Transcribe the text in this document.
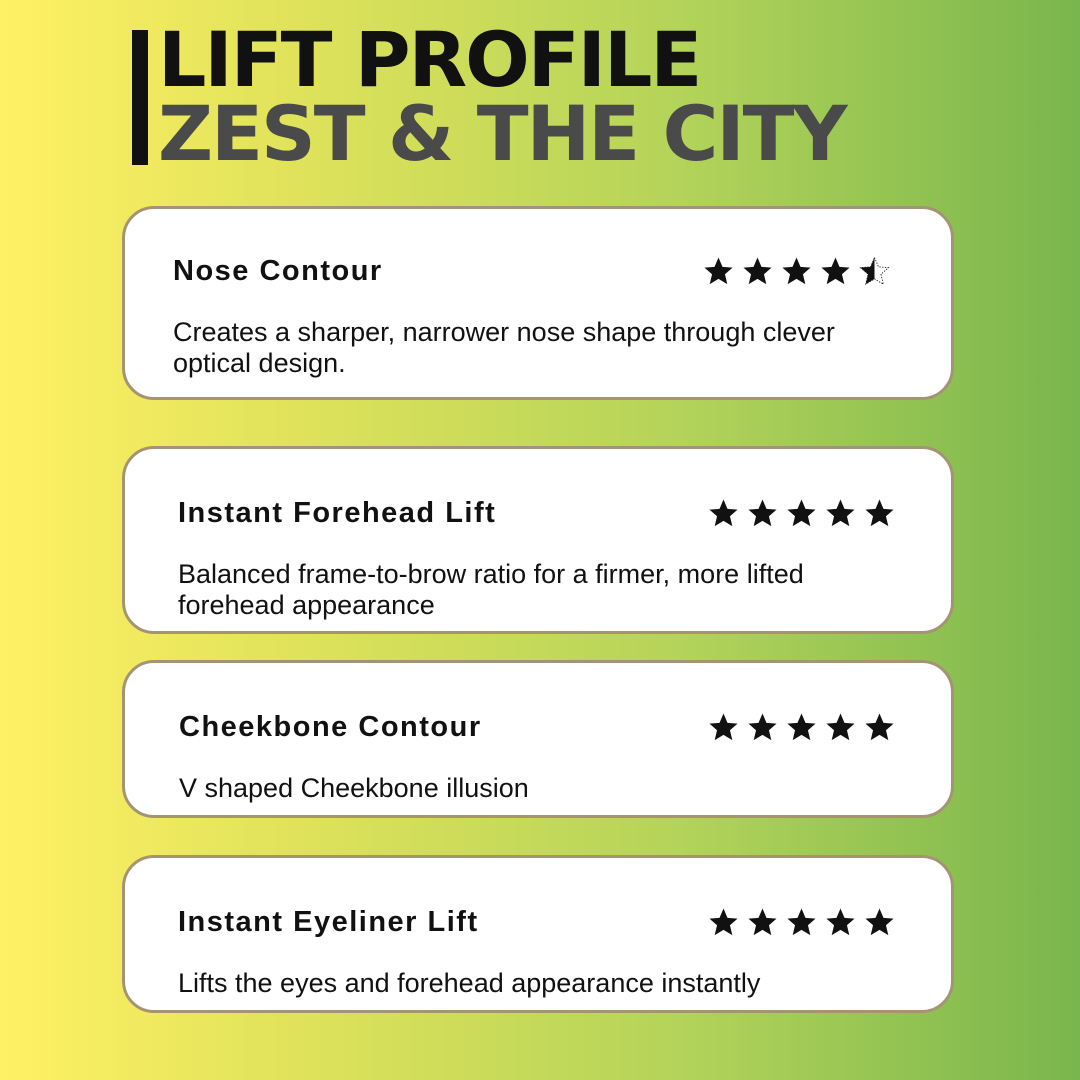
LIFT PROFILE
ZEST & THE CITY
Nose Contour
Creates a sharper, narrower nose shape through clever optical design.
Instant Forehead Lift
Balanced frame-to-brow ratio for a firmer, more lifted forehead appearance
Cheekbone Contour
V shaped Cheekbone illusion
Instant Eyeliner Lift
Lifts the eyes and forehead appearance instantly
